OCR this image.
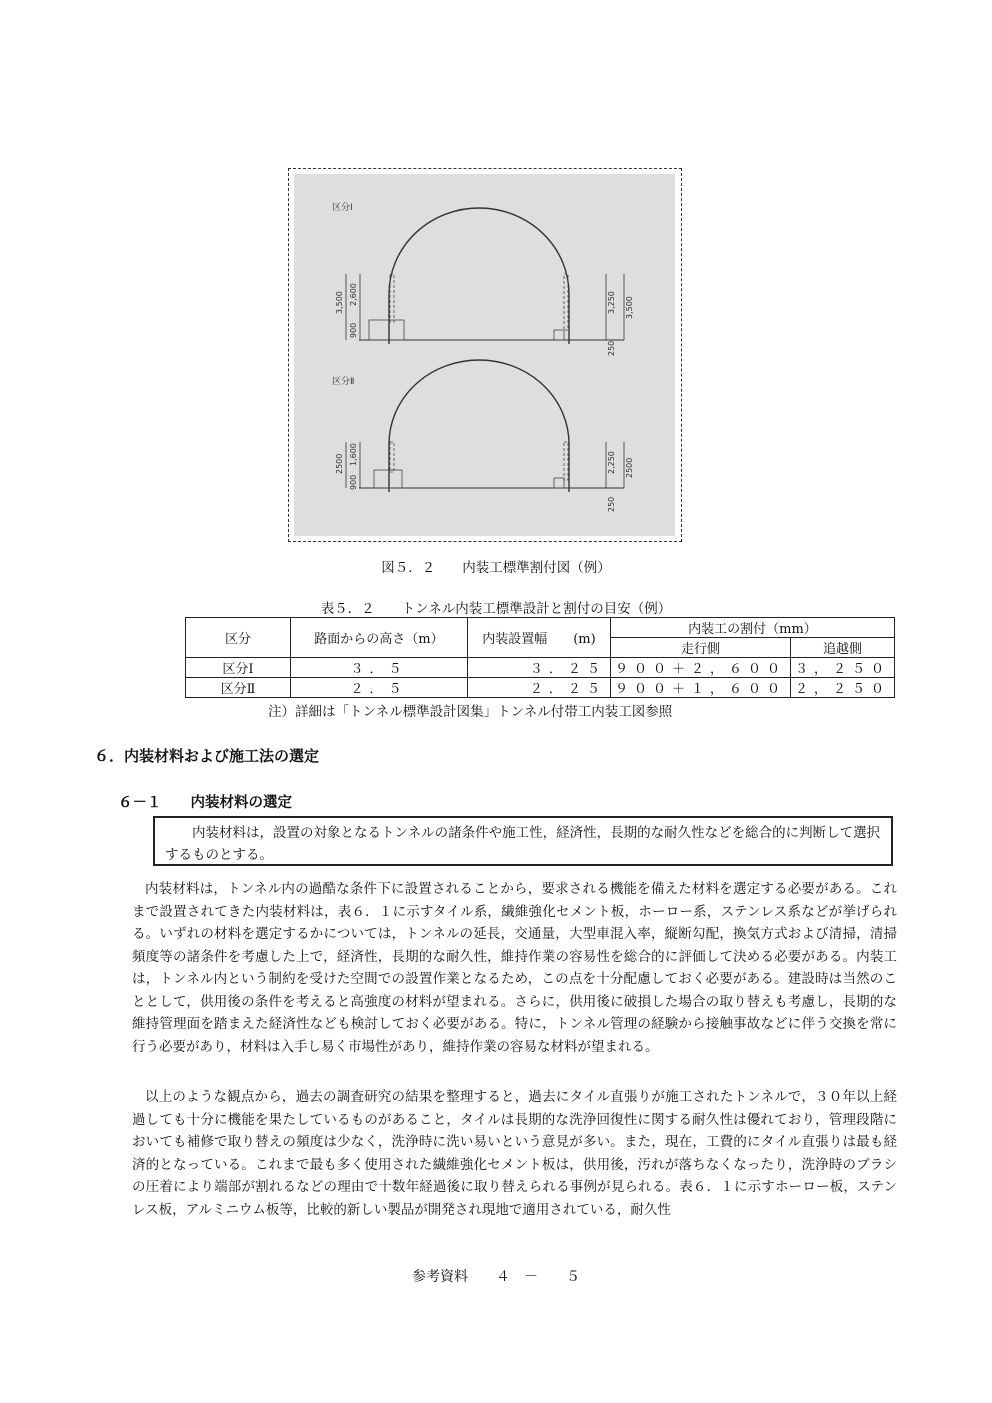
区分Ⅰ
3,500 2,600
900
3,250 3,500
250
区分Ⅱ
2500 1,600
900
2,250 2500
250
図５．２　　内装工標準割付図（例）
表５．２　　トンネル内装工標準設計と割付の目安（例）
区分	路面からの高さ（m）	内装設置幅　　 (m)	内装工の割付（mm）	
			走行側	追越側
区分Ⅰ	３．５	３．２５	９００＋２，６００	３，２５０
区分Ⅱ	２．５	２．２５	９００＋１，６００	２，２５０
注）詳細は「トンネル標準設計図集」トンネル付帯工内装工図参照
６．内装材料および施工法の選定
６－１　　内装材料の選定
内装材料は，設置の対象となるトンネルの諸条件や施工性，経済性，長期的な耐久性などを総合的に判断して選択するものとする。

内装材料は，トンネル内の過酷な条件下に設置されることから，要求される機能を備えた材料を選定する必要がある。これまで設置されてきた内装材料は，表６．１に示すタイル系，繊維強化セメント板，ホーロー系，ステンレス系などが挙げられる。いずれの材料を選定するかについては，トンネルの延長，交通量，大型車混入率，縦断勾配，換気方式および清掃，清掃頻度等の諸条件を考慮した上で，経済性，長期的な耐久性，維持作業の容易性を総合的に評価して決める必要がある。内装工は，トンネル内という制約を受けた空間での設置作業となるため，この点を十分配慮しておく必要がある。建設時は当然のこととして，供用後の条件を考えると高強度の材料が望まれる。さらに，供用後に破損した場合の取り替えも考慮し，長期的な維持管理面を踏まえた経済性なども検討しておく必要がある。特に，トンネル管理の経験から接触事故などに伴う交換を常に行う必要があり，材料は入手し易く市場性があり，維持作業の容易な材料が望まれる。

以上のような観点から，過去の調査研究の結果を整理すると，過去にタイル直張りが施工されたトンネルで，３０年以上経過しても十分に機能を果たしているものがあること，タイルは長期的な洗浄回復性に関する耐久性は優れており，管理段階においても補修で取り替えの頻度は少なく，洗浄時に洗い易いという意見が多い。また，現在，工費的にタイル直張りは最も経済的となっている。これまで最も多く使用された繊維強化セメント板は，供用後，汚れが落ちなくなったり，洗浄時のブラシの圧着により端部が割れるなどの理由で十数年経過後に取り替えられる事例が見られる。表６．１に示すホーロー板，ステンレス板，アルミニウム板等，比較的新しい製品が開発され現地で適用されている，耐久性

参考資料　　４　－　　５
